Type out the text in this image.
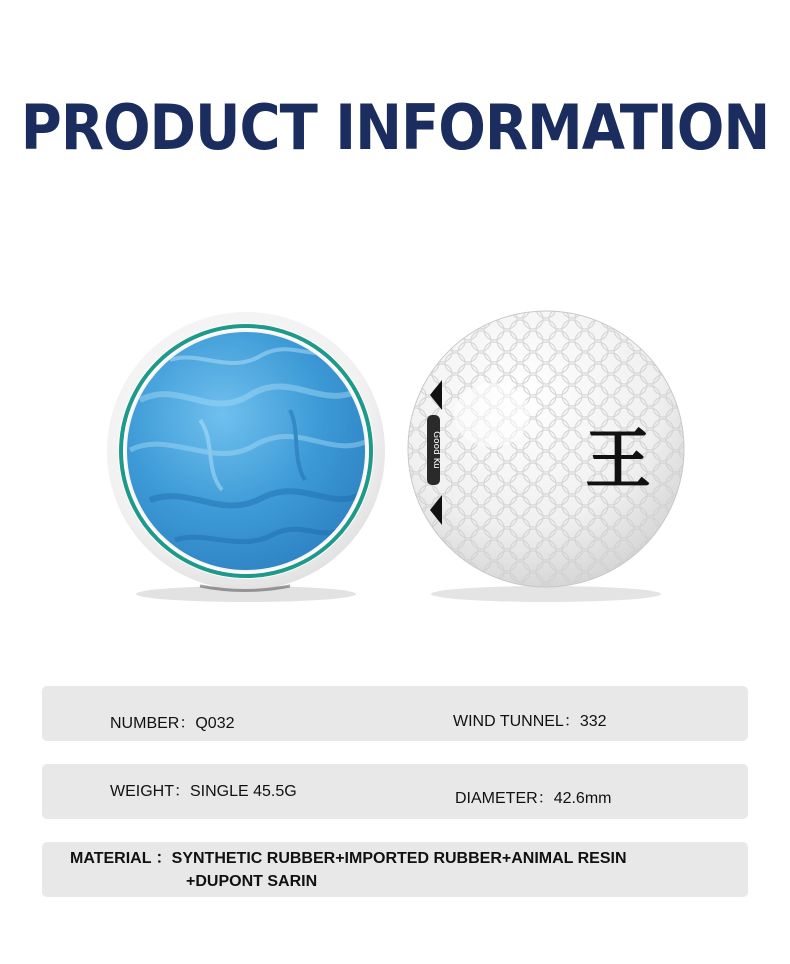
PRODUCT INFORMATION
Good Ku 王
NUMBER：Q032	WIND TUNNEL：332
WEIGHT：SINGLE 45.5G	DIAMETER：42.6mm
MATERIAL ：SYNTHETIC RUBBER+IMPORTED RUBBER+ANIMAL RESIN
+DUPONT SARIN
